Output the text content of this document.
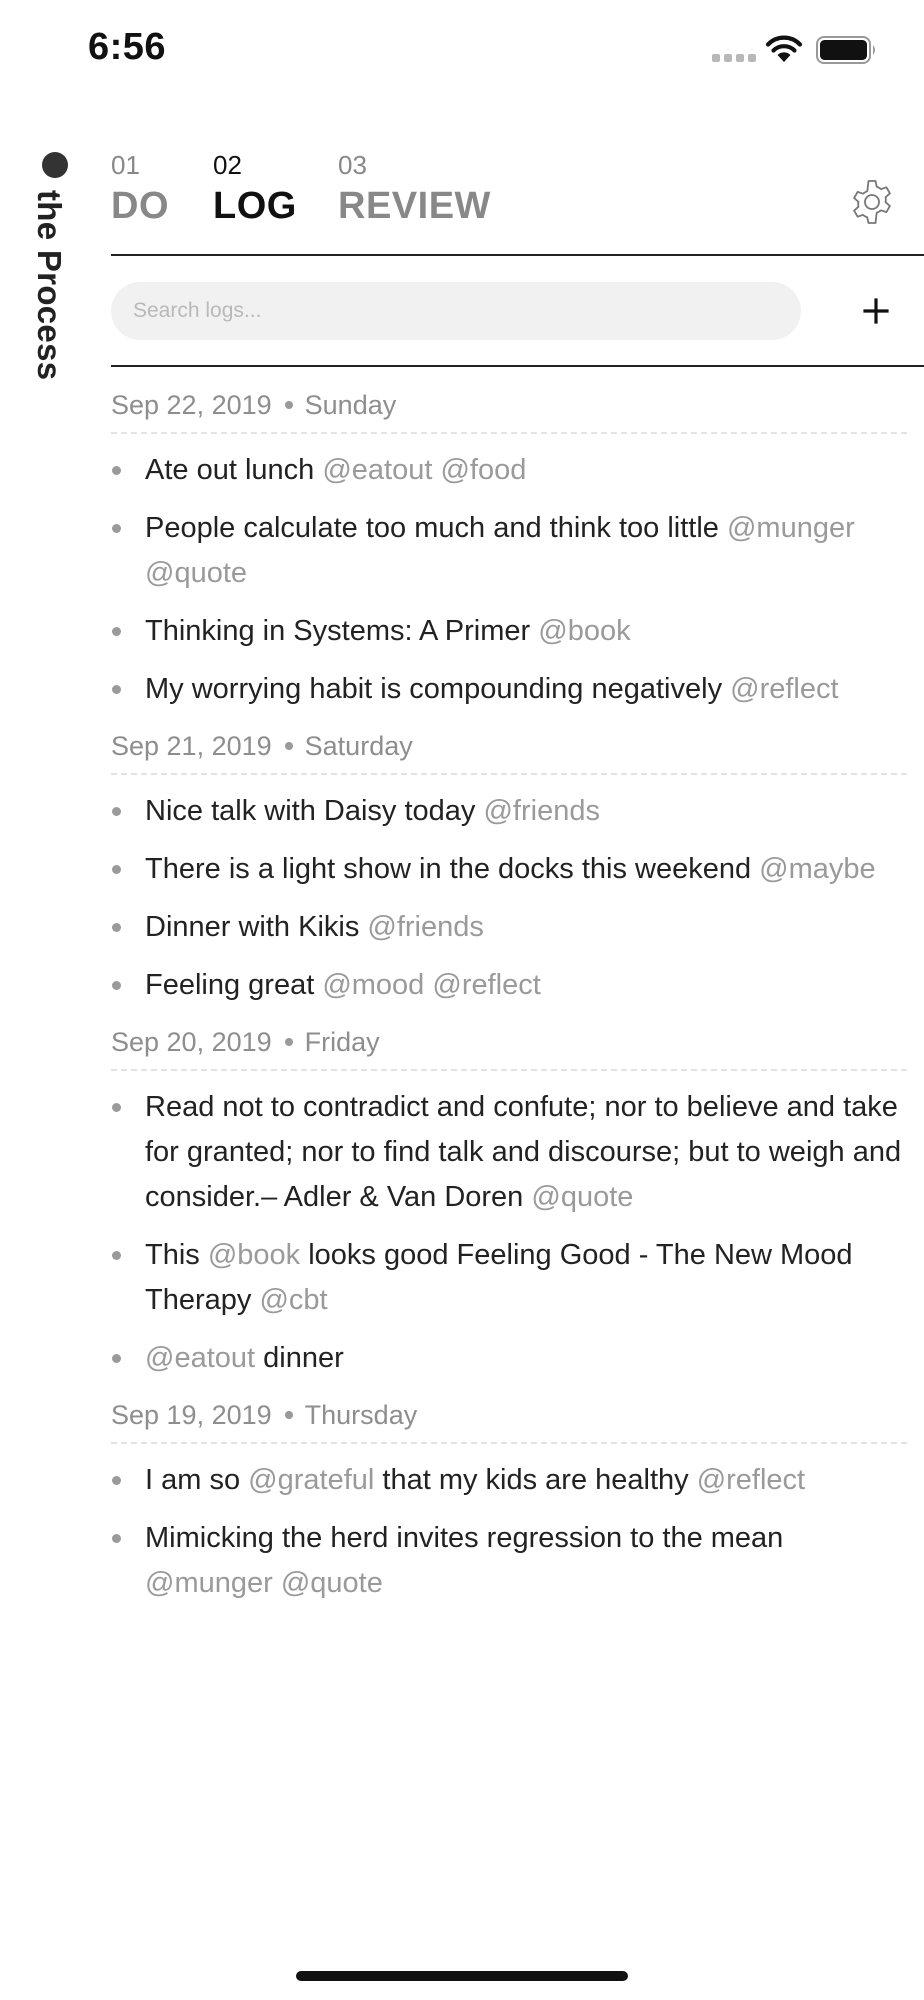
6:56
the Process
01
DO
02
LOG
03
REVIEW
Search logs...
Sep 22, 2019 Sunday
Ate out lunch @eatout @food
People calculate too much and think too little @munger @quote
Thinking in Systems: A Primer @book
My worrying habit is compounding negatively @reflect
Sep 21, 2019 Saturday
Nice talk with Daisy today @friends
There is a light show in the docks this weekend @maybe
Dinner with Kikis @friends
Feeling great @mood @reflect
Sep 20, 2019 Friday
Read not to contradict and confute; nor to believe and take for granted; nor to find talk and discourse; but to weigh and consider.– Adler & Van Doren @quote
This @book looks good Feeling Good - The New Mood Therapy @cbt
@eatout dinner
Sep 19, 2019 Thursday
I am so @grateful that my kids are healthy @reflect
Mimicking the herd invites regression to the mean @munger @quote
